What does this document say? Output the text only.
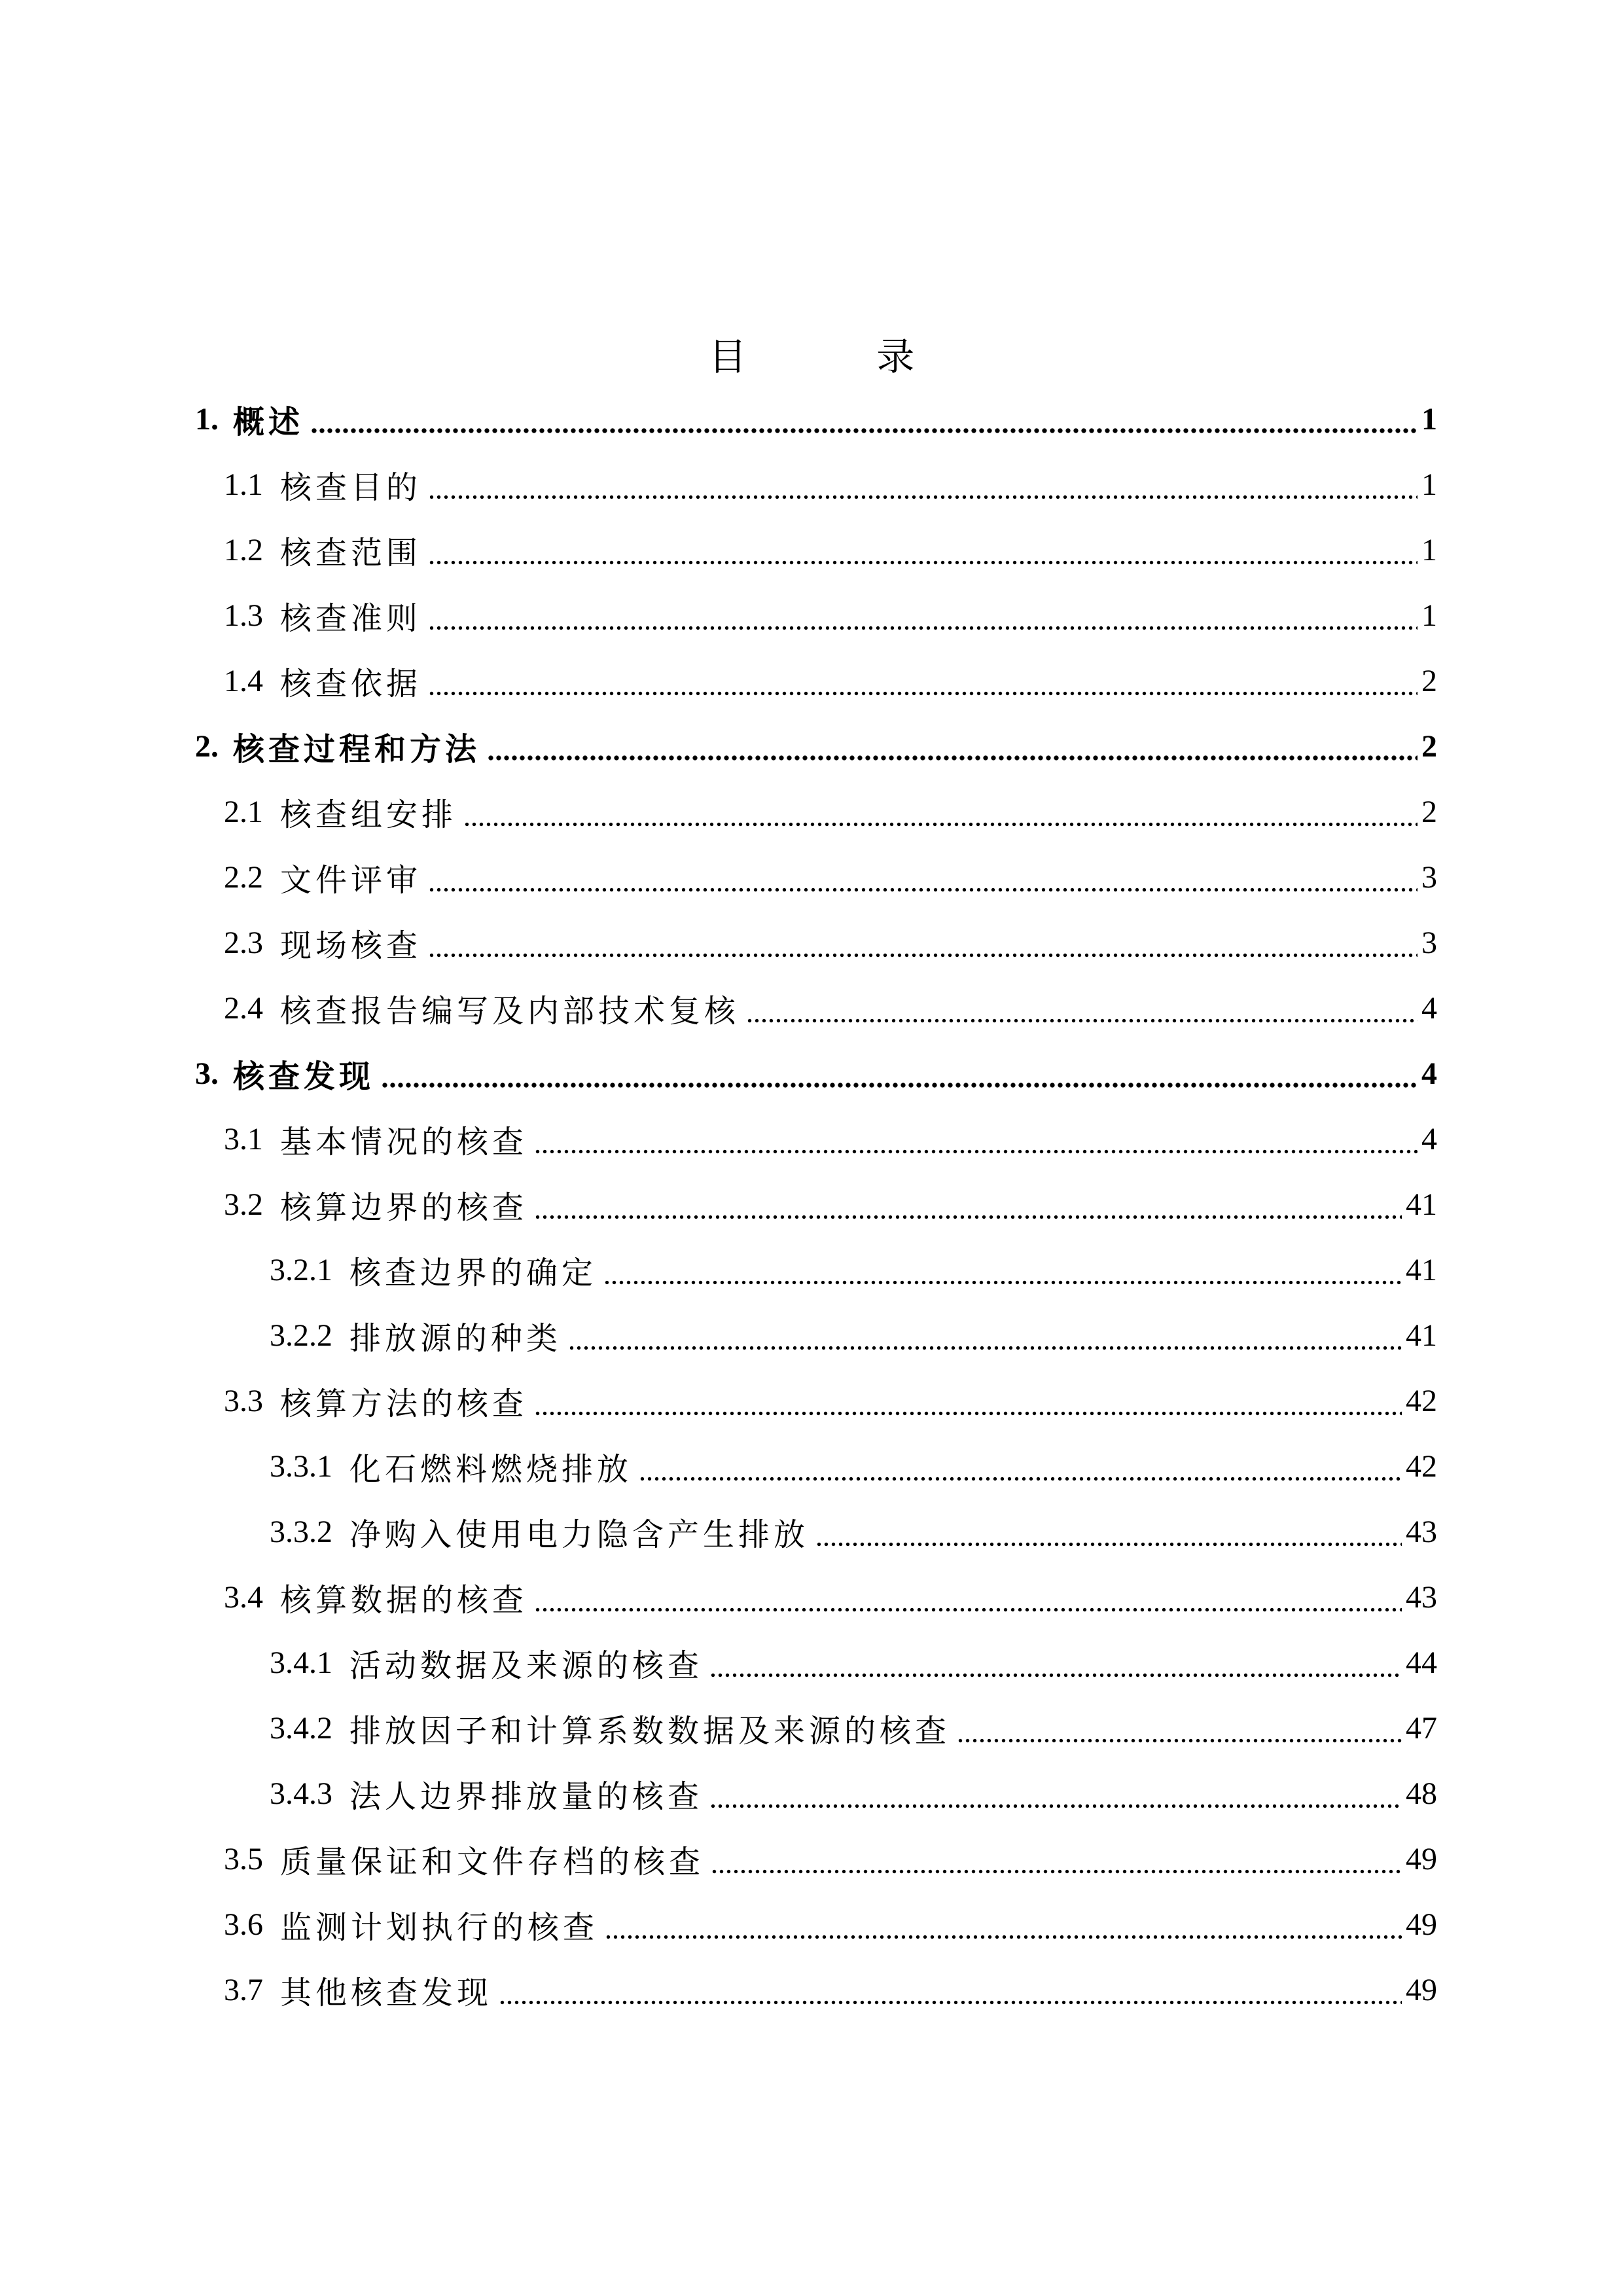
目 录
1. 概述	1
1.1 核查目的	1
1.2 核查范围	1
1.3 核查准则	1
1.4 核查依据	2
2. 核查过程和方法	2
2.1 核查组安排	2
2.2 文件评审	3
2.3 现场核查	3
2.4 核查报告编写及内部技术复核	4
3. 核查发现	4
3.1 基本情况的核查	4
3.2 核算边界的核查	41
3.2.1 核查边界的确定	41
3.2.2 排放源的种类	41
3.3 核算方法的核查	42
3.3.1 化石燃料燃烧排放	42
3.3.2 净购入使用电力隐含产生排放	43
3.4 核算数据的核查	43
3.4.1 活动数据及来源的核查	44
3.4.2 排放因子和计算系数数据及来源的核查	47
3.4.3 法人边界排放量的核查	48
3.5 质量保证和文件存档的核查	49
3.6 监测计划执行的核查	49
3.7 其他核查发现	49
